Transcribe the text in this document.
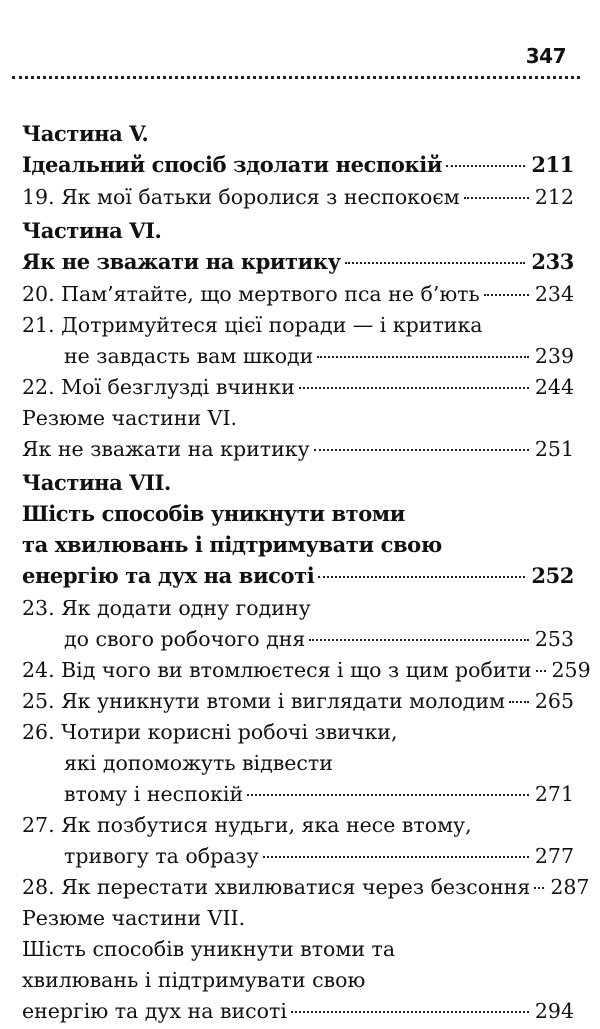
347
Частина V.
Ідеальний спосіб здолати неспокій	211
19. Як мої батьки боролися з неспокоєм	212
Частина VI.
Як не зважати на критику	233
20. Пам’ятайте, що мертвого пса не б’ють	234
21. Дотримуйтеся цієї поради — і критика
не завдасть вам шкоди	239
22. Мої безглузді вчинки	244
Резюме частини VI.
Як не зважати на критику	251
Частина VII.
Шість способів уникнути втоми
та хвилювань і підтримувати свою
енергію та дух на висоті	252
23. Як додати одну годину
до свого робочого дня	253
24. Від чого ви втомлюєтеся і що з цим робити 259
25. Як уникнути втоми і виглядати молодим 265
26. Чотири корисні робочі звички,
які допоможуть відвести
втому і неспокій	271
27. Як позбутися нудьги, яка несе втому,
тривогу та образу	277
28. Як перестати хвилюватися через безсоння 287
Резюме частини VII.
Шість способів уникнути втоми та
хвилювань і підтримувати свою
енергію та дух на висоті	294
